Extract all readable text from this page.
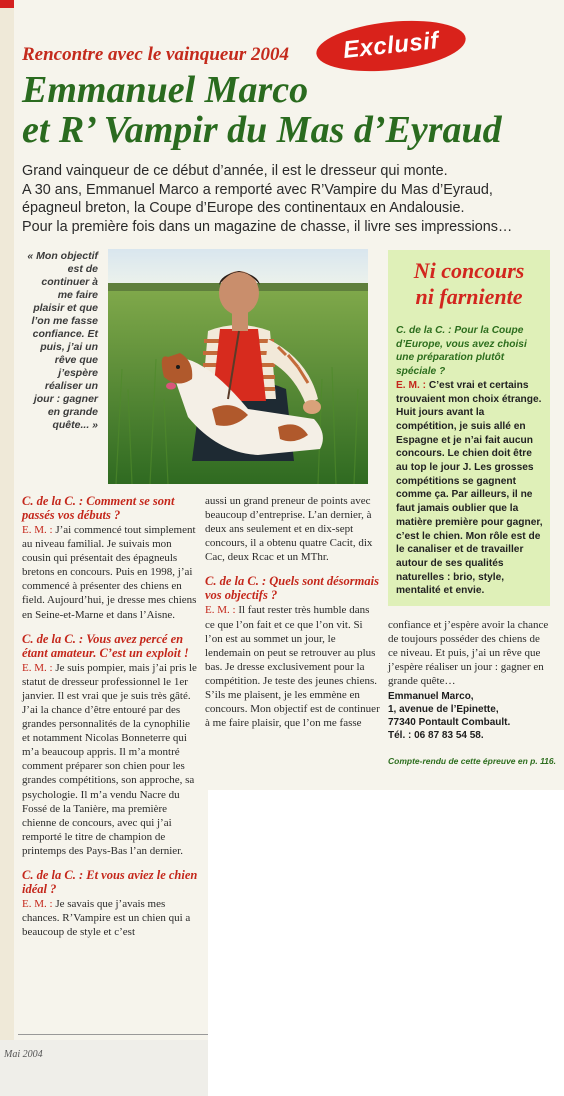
Rencontre avec le vainqueur 2004 Exclusif
Emmanuel Marco
et R’ Vampir du Mas d’Eyraud
Grand vainqueur de ce début d’année, il est le dresseur qui monte.
A 30 ans, Emmanuel Marco a remporté avec R’Vampire du Mas d’Eyraud,
épagneul breton, la Coupe d’Europe des continentaux en Andalousie.
Pour la première fois dans un magazine de chasse, il livre ses impressions…
« Mon objectif est de continuer à me faire plaisir et que l’on me fasse confiance. Et puis, j’ai un rêve que j’espère réaliser un jour : gagner en grande quête... »
Ni concours
ni farniente
C. de la C. : Pour la Coupe d’Europe, vous avez choisi une préparation plutôt spéciale ?
E. M. : C’est vrai et certains trouvaient mon choix étrange. Huit jours avant la compétition, je suis allé en Espagne et je n’ai fait aucun concours. Le chien doit être au top le jour J. Les grosses compétitions se gagnent comme ça. Par ailleurs, il ne faut jamais oublier que la matière première pour gagner, c’est le chien. Mon rôle est de le canaliser et de travailler autour de ses qualités naturelles : brio, style, mentalité et envie.

C. de la C. : Comment se sont passés vos débuts ?
E. M. : J’ai commencé tout simplement au niveau familial. Je suivais mon cousin qui présentait des épagneuls bretons en concours. Puis en 1998, j’ai commencé à présenter des chiens en field. Aujourd’hui, je dresse mes chiens en Seine-et-Marne et dans l’Aisne.

C. de la C. : Vous avez percé en étant amateur. C’est un exploit !
E. M. : Je suis pompier, mais j’ai pris le statut de dresseur professionnel le 1er janvier. Il est vrai que je suis très gâté. J’ai la chance d’être entouré par des grandes personnalités de la cynophilie et notamment Nicolas Bonneterre qui m’a beaucoup appris. Il m’a montré comment préparer son chien pour les grandes compétitions, son approche, sa psychologie. Il m’a vendu Nacre du Fossé de la Tanière, ma première chienne de concours, avec qui j’ai remporté le titre de champion de printemps des Pays-Bas l’an dernier.

C. de la C. : Et vous aviez le chien idéal ?
E. M. : Je savais que j’avais mes chances. R’Vampire est un chien qui a beaucoup de style et c’est

aussi un grand preneur de points avec beaucoup d’entreprise. L’an dernier, à deux ans seulement et en dix-sept concours, il a obtenu quatre Cacit, dix Cac, deux Rcac et un MThr.

C. de la C. : Quels sont désormais vos objectifs ?
E. M. : Il faut rester très humble dans ce que l’on fait et ce que l’on vit. Si l’on est au sommet un jour, le lendemain on peut se retrouver au plus bas. Je dresse exclusivement pour la compétition. Je teste des jeunes chiens. S’ils me plaisent, je les emmène en concours. Mon objectif est de continuer à me faire plaisir, que l’on me fasse

confiance et j’espère avoir la chance de toujours posséder des chiens de ce niveau. Et puis, j’ai un rêve que j’espère réaliser un jour : gagner en grande quête…

Emmanuel Marco,
1, avenue de l’Epinette,
77340 Pontault Combault.
Tél. : 06 87 83 54 58.
Compte-rendu de cette épreuve en p. 116.
Mai 2004
